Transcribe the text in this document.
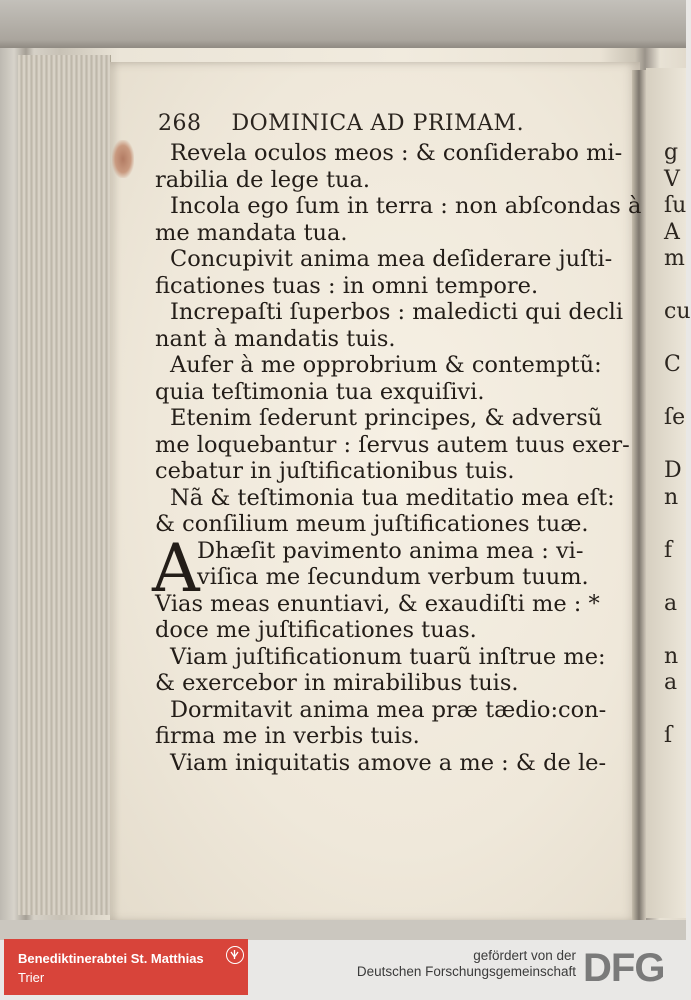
268 DOMINICA AD PRIMAM.
Revela oculos meos : & conſiderabo mi-
rabilia de lege tua.
Incola ego ſum in terra : non abſcondas à
me mandata tua.
Concupivit anima mea deſiderare juſti-
ficationes tuas : in omni tempore.
Increpaſti ſuperbos : maledicti qui decli
nant à mandatis tuis.
Aufer à me opprobrium & contemptũ:
quia teſtimonia tua exquiſivi.
Etenim ſederunt principes, & adversũ
me loquebantur : ſervus autem tuus exer-
cebatur in juſtificationibus tuis.
Nã & teſtimonia tua meditatio mea eſt:
& conſilium meum juſtificationes tuæ.
A
Dhæſit pavimento anima mea : vi-
viſica me ſecundum verbum tuum.
Vias meas enuntiavi, & exaudiſti me : *
doce me juſtificationes tuas.
Viam juſtificationum tuarũ inſtrue me:
& exercebor in mirabilibus tuis.
Dormitavit anima mea præ tædio:con-
firma me in verbis tuis.
Viam iniquitatis amove a me : & de le-
g
V
ſu
A
m
cu
C
ſe
D
n
f
a
n
a
ſ
Benediktinerabtei St. Matthias
Trier
gefördert von der
Deutschen Forschungsgemeinschaft DFG
